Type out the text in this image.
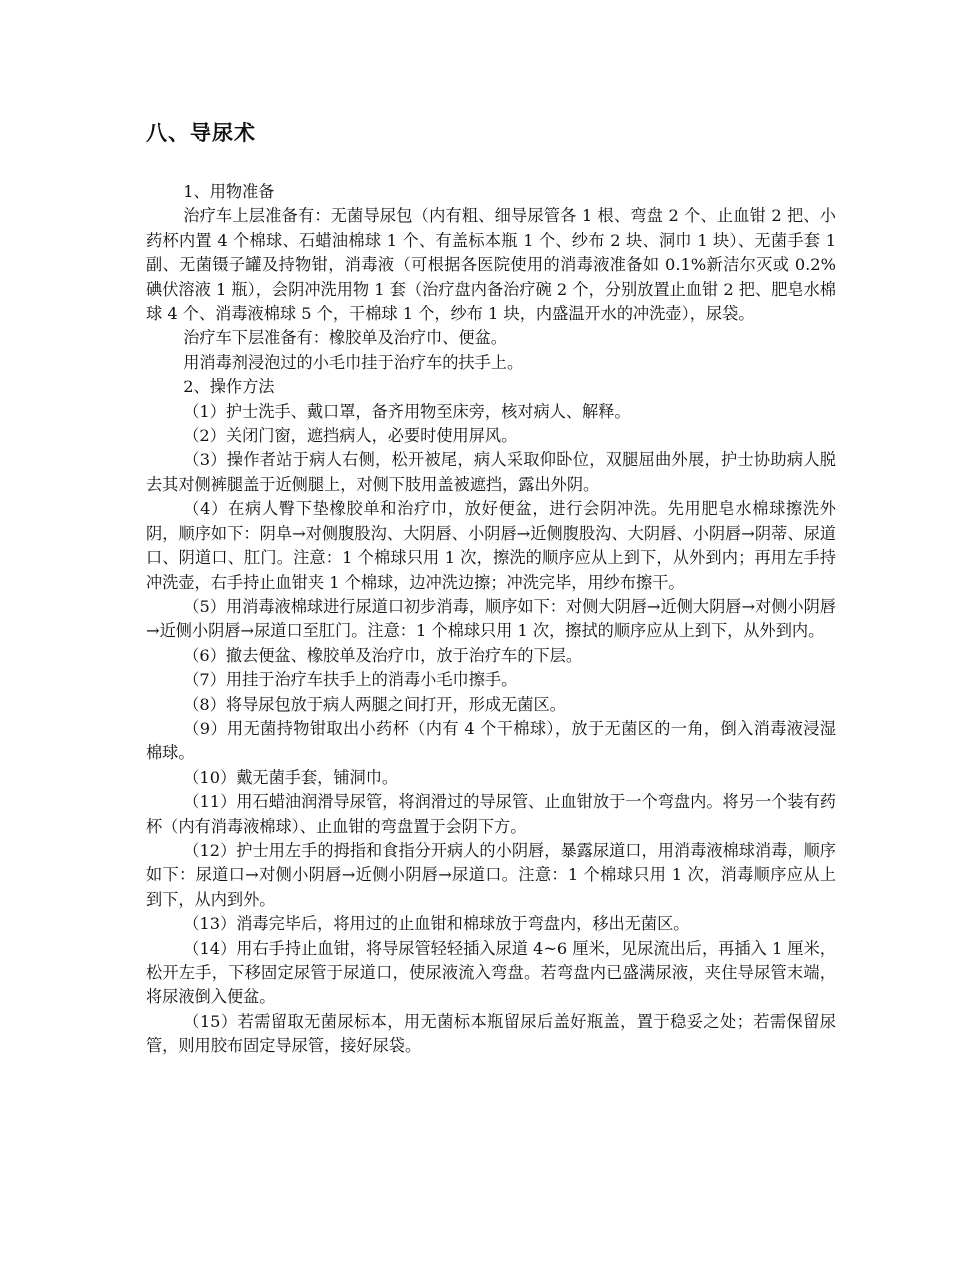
八、导尿术

1、用物准备

治疗车上层准备有：无菌导尿包（内有粗、细导尿管各 1 根、弯盘 2 个、止血钳 2 把、小药杯内置 4 个棉球、石蜡油棉球 1 个、有盖标本瓶 1 个、纱布 2 块、洞巾 1 块）、无菌手套 1 副、无菌镊子罐及持物钳，消毒液（可根据各医院使用的消毒液准备如 0.1%新洁尔灭或 0.2%碘伏溶液 1 瓶），会阴冲洗用物 1 套（治疗盘内备治疗碗 2 个，分别放置止血钳 2 把、肥皂水棉球 4 个、消毒液棉球 5 个，干棉球 1 个，纱布 1 块，内盛温开水的冲洗壶），尿袋。

治疗车下层准备有：橡胶单及治疗巾、便盆。

用消毒剂浸泡过的小毛巾挂于治疗车的扶手上。

2、操作方法

（1）护士洗手、戴口罩，备齐用物至床旁，核对病人、解释。

（2）关闭门窗，遮挡病人，必要时使用屏风。

（3）操作者站于病人右侧，松开被尾，病人采取仰卧位，双腿屈曲外展，护士协助病人脱去其对侧裤腿盖于近侧腿上，对侧下肢用盖被遮挡，露出外阴。

（4）在病人臀下垫橡胶单和治疗巾，放好便盆，进行会阴冲洗。先用肥皂水棉球擦洗外阴，顺序如下：阴阜→对侧腹股沟、大阴唇、小阴唇→近侧腹股沟、大阴唇、小阴唇→阴蒂、尿道口、阴道口、肛门。注意：1 个棉球只用 1 次，擦洗的顺序应从上到下，从外到内；再用左手持冲洗壶，右手持止血钳夹 1 个棉球，边冲洗边擦；冲洗完毕，用纱布擦干。

（5）用消毒液棉球进行尿道口初步消毒，顺序如下：对侧大阴唇→近侧大阴唇→对侧小阴唇→近侧小阴唇→尿道口至肛门。注意：1 个棉球只用 1 次，擦拭的顺序应从上到下，从外到内。

（6）撤去便盆、橡胶单及治疗巾，放于治疗车的下层。

（7）用挂于治疗车扶手上的消毒小毛巾擦手。

（8）将导尿包放于病人两腿之间打开，形成无菌区。

（9）用无菌持物钳取出小药杯（内有 4 个干棉球），放于无菌区的一角，倒入消毒液浸湿棉球。

（10）戴无菌手套，铺洞巾。

（11）用石蜡油润滑导尿管，将润滑过的导尿管、止血钳放于一个弯盘内。将另一个装有药杯（内有消毒液棉球）、止血钳的弯盘置于会阴下方。

（12）护士用左手的拇指和食指分开病人的小阴唇，暴露尿道口，用消毒液棉球消毒，顺序如下：尿道口→对侧小阴唇→近侧小阴唇→尿道口。注意：1 个棉球只用 1 次，消毒顺序应从上到下，从内到外。

（13）消毒完毕后，将用过的止血钳和棉球放于弯盘内，移出无菌区。

（14）用右手持止血钳，将导尿管轻轻插入尿道 4~6 厘米，见尿流出后，再插入 1 厘米，松开左手，下移固定尿管于尿道口，使尿液流入弯盘。若弯盘内已盛满尿液，夹住导尿管末端，将尿液倒入便盆。

（15）若需留取无菌尿标本，用无菌标本瓶留尿后盖好瓶盖，置于稳妥之处；若需保留尿管，则用胶布固定导尿管，接好尿袋。
